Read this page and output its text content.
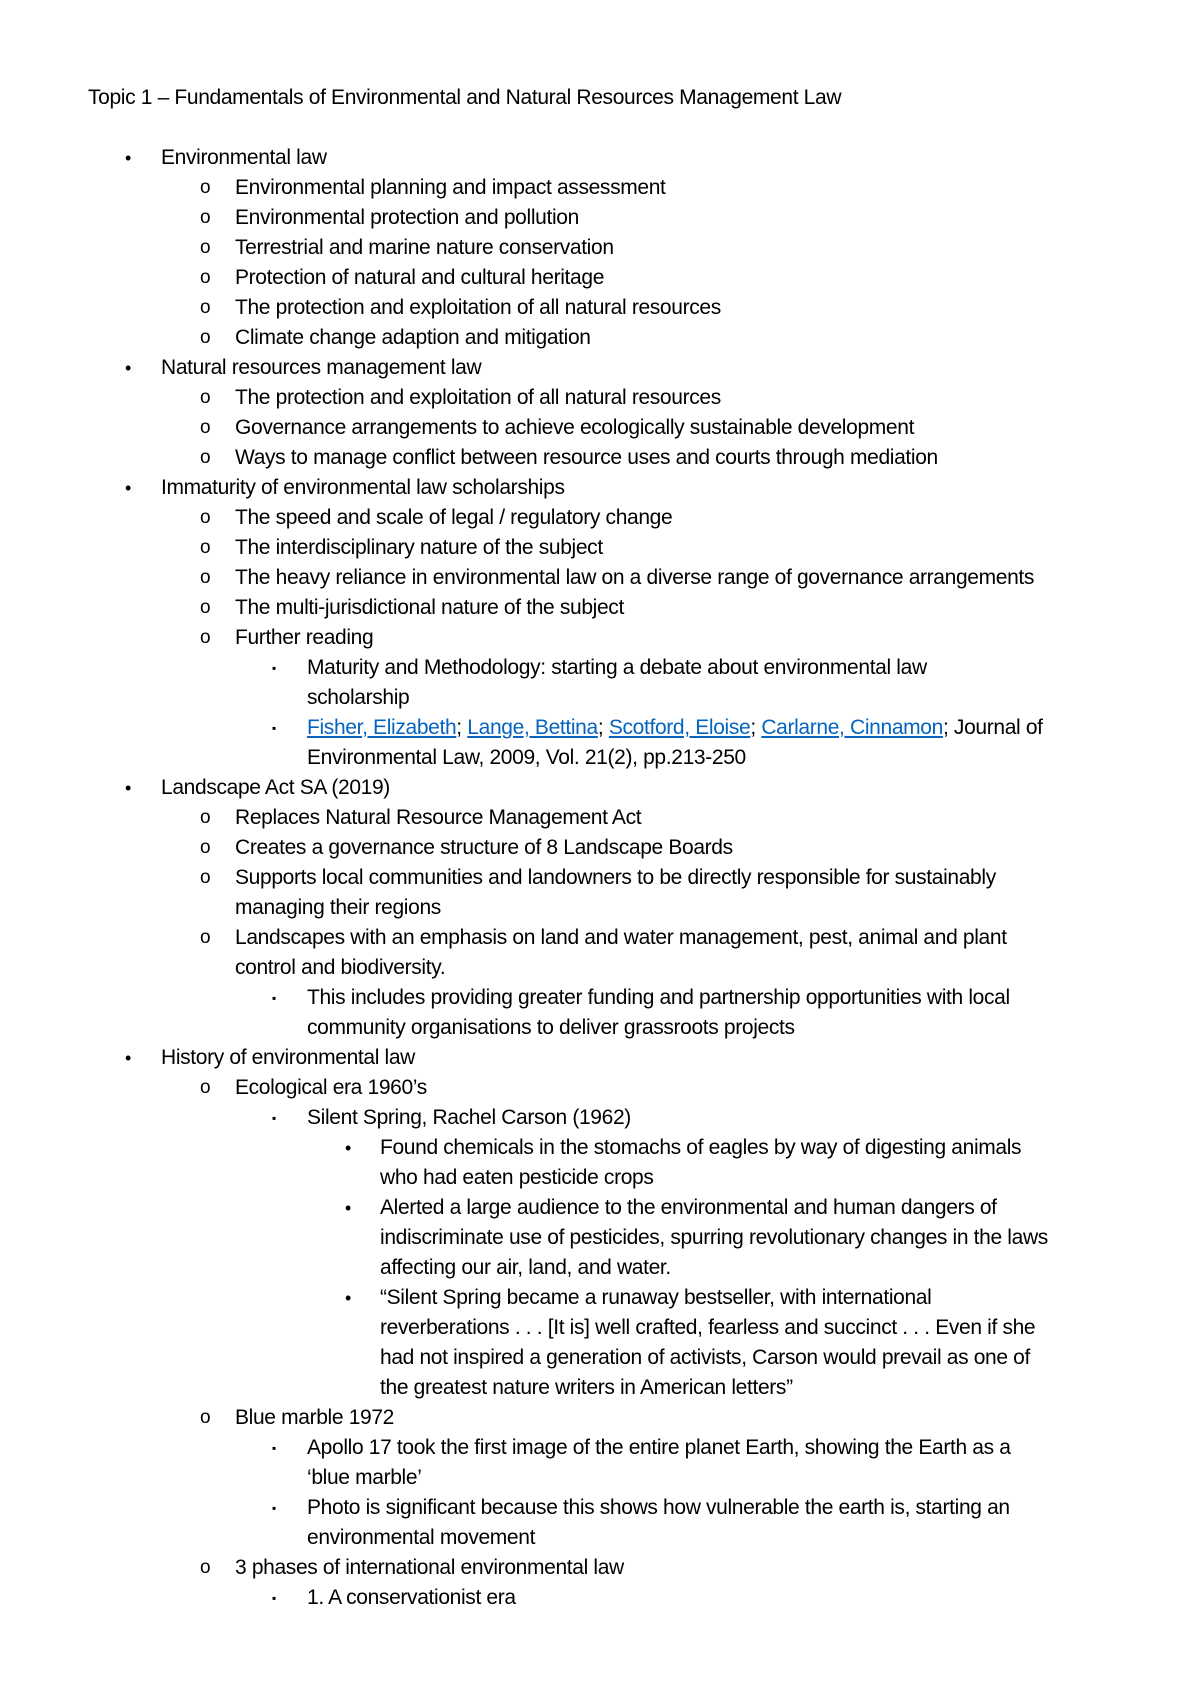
Topic 1 – Fundamentals of Environmental and Natural Resources Management Law
• Environmental law
o Environmental planning and impact assessment
o Environmental protection and pollution
o Terrestrial and marine nature conservation
o Protection of natural and cultural heritage
o The protection and exploitation of all natural resources
o Climate change adaption and mitigation
• Natural resources management law
o The protection and exploitation of all natural resources
o Governance arrangements to achieve ecologically sustainable development
o Ways to manage conflict between resource uses and courts through mediation
• Immaturity of environmental law scholarships
o The speed and scale of legal / regulatory change
o The interdisciplinary nature of the subject
o The heavy reliance in environmental law on a diverse range of governance arrangements
o The multi-jurisdictional nature of the subject
o Further reading
▪ Maturity and Methodology: starting a debate about environmental law
scholarship
▪ Fisher, Elizabeth; Lange, Bettina; Scotford, Eloise; Carlarne, Cinnamon; Journal of
Environmental Law, 2009, Vol. 21(2), pp.213-250
• Landscape Act SA (2019)
o Replaces Natural Resource Management Act
o Creates a governance structure of 8 Landscape Boards
o Supports local communities and landowners to be directly responsible for sustainably
managing their regions
o Landscapes with an emphasis on land and water management, pest, animal and plant
control and biodiversity.
▪ This includes providing greater funding and partnership opportunities with local
community organisations to deliver grassroots projects
• History of environmental law
o Ecological era 1960’s
▪ Silent Spring, Rachel Carson (1962)
• Found chemicals in the stomachs of eagles by way of digesting animals
who had eaten pesticide crops
• Alerted a large audience to the environmental and human dangers of
indiscriminate use of pesticides, spurring revolutionary changes in the laws
affecting our air, land, and water.
• “Silent Spring became a runaway bestseller, with international
reverberations . . . [It is] well crafted, fearless and succinct . . . Even if she
had not inspired a generation of activists, Carson would prevail as one of
the greatest nature writers in American letters”
o Blue marble 1972
▪ Apollo 17 took the first image of the entire planet Earth, showing the Earth as a
‘blue marble’
▪ Photo is significant because this shows how vulnerable the earth is, starting an
environmental movement
o 3 phases of international environmental law
▪ 1. A conservationist era
